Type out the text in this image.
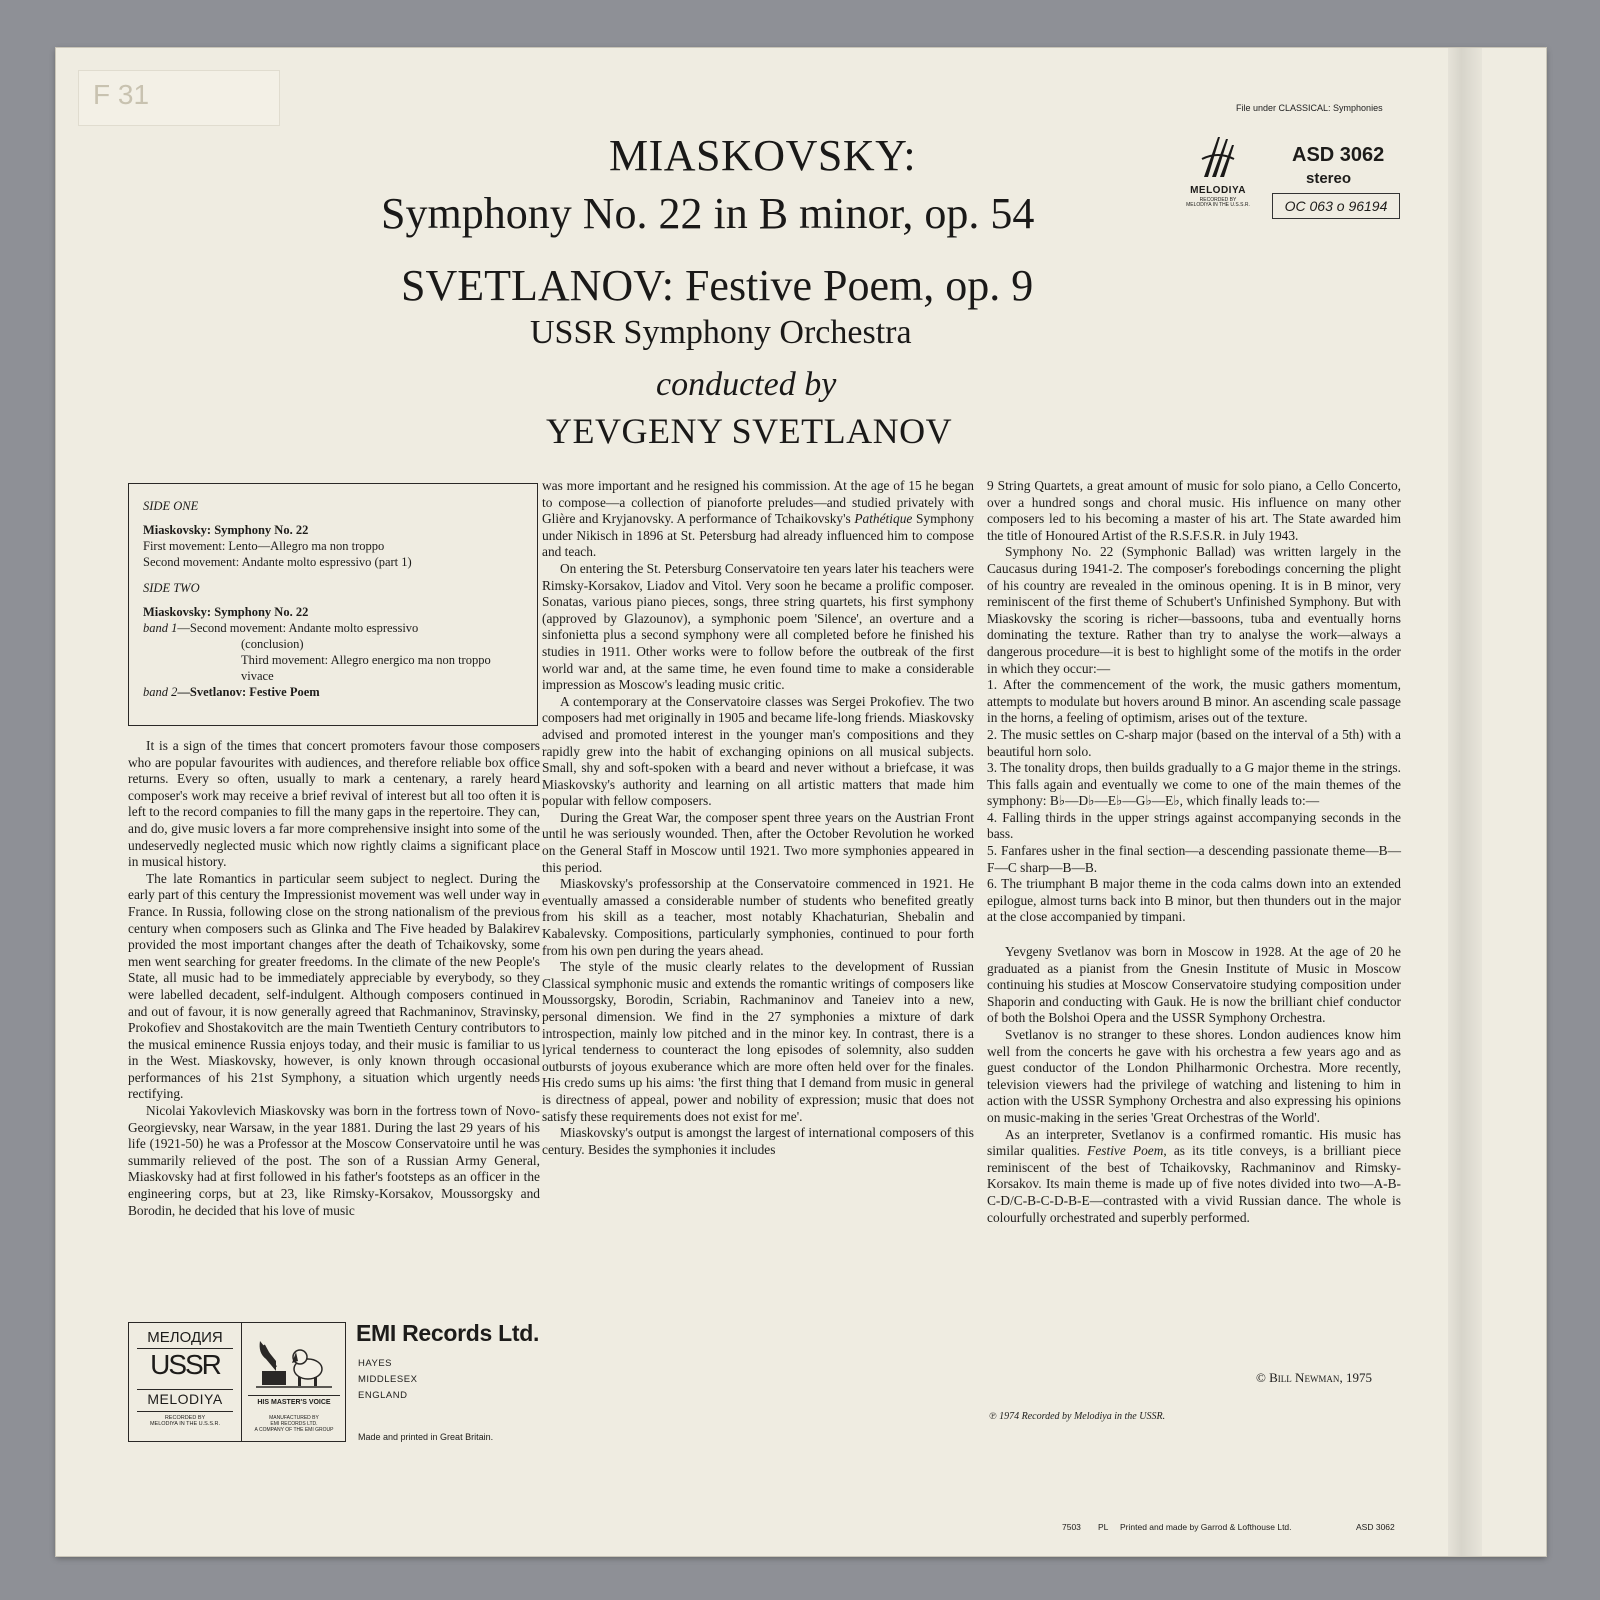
F 31	File under CLASSICAL: Symphonies
MIASKOVSKY:
Symphony No. 22 in B minor, op. 54
SVETLANOV: Festive Poem, op. 9
USSR Symphony Orchestra
conducted by
YEVGENY SVETLANOV
MELODIYA
RECORDED BY
MELODIYA IN THE U.S.S.R.
ASD 3062
stereo
OC 063 o 96194
SIDE ONE
Miaskovsky: Symphony No. 22
First movement: Lento—Allegro ma non troppo
Second movement: Andante molto espressivo (part 1)
SIDE TWO
Miaskovsky: Symphony No. 22
band 1—Second movement: Andante molto espressivo
(conclusion)
Third movement: Allegro energico ma non troppo
vivace
band 2—Svetlanov: Festive Poem

It is a sign of the times that concert promoters favour those composers who are popular favourites with audiences, and therefore reliable box office returns. Every so often, usually to mark a centenary, a rarely heard composer's work may receive a brief revival of interest but all too often it is left to the record companies to fill the many gaps in the repertoire. They can, and do, give music lovers a far more comprehensive insight into some of the undeservedly neglected music which now rightly claims a significant place in musical history.

The late Romantics in particular seem subject to neglect. During the early part of this century the Impressionist movement was well under way in France. In Russia, following close on the strong nationalism of the previous century when composers such as Glinka and The Five headed by Balakirev provided the most important changes after the death of Tchaikovsky, some men went searching for greater freedoms. In the climate of the new People's State, all music had to be immediately appreciable by everybody, so they were labelled decadent, self-indulgent. Although composers continued in and out of favour, it is now generally agreed that Rachmaninov, Stravinsky, Prokofiev and Shostakovitch are the main Twentieth Century contributors to the musical eminence Russia enjoys today, and their music is familiar to us in the West. Miaskovsky, however, is only known through occasional performances of his 21st Symphony, a situation which urgently needs rectifying.

Nicolai Yakovlevich Miaskovsky was born in the fortress town of Novo-Georgievsky, near Warsaw, in the year 1881. During the last 29 years of his life (1921-50) he was a Professor at the Moscow Conservatoire until he was summarily relieved of the post. The son of a Russian Army General, Miaskovsky had at first followed in his father's footsteps as an officer in the engineering corps, but at 23, like Rimsky-Korsakov, Moussorgsky and Borodin, he decided that his love of music

was more important and he resigned his commission. At the age of 15 he began to compose—a collection of pianoforte preludes—and studied privately with Glière and Kryjanovsky. A performance of Tchaikovsky's Pathétique Symphony under Nikisch in 1896 at St. Petersburg had already influenced him to compose and teach.

On entering the St. Petersburg Conservatoire ten years later his teachers were Rimsky-Korsakov, Liadov and Vitol. Very soon he became a prolific composer. Sonatas, various piano pieces, songs, three string quartets, his first symphony (approved by Glazounov), a symphonic poem 'Silence', an overture and a sinfonietta plus a second symphony were all completed before he finished his studies in 1911. Other works were to follow before the outbreak of the first world war and, at the same time, he even found time to make a considerable impression as Moscow's leading music critic.

A contemporary at the Conservatoire classes was Sergei Prokofiev. The two composers had met originally in 1905 and became life-long friends. Miaskovsky advised and promoted interest in the younger man's compositions and they rapidly grew into the habit of exchanging opinions on all musical subjects. Small, shy and soft-spoken with a beard and never without a briefcase, it was Miaskovsky's authority and learning on all artistic matters that made him popular with fellow composers.

During the Great War, the composer spent three years on the Austrian Front until he was seriously wounded. Then, after the October Revolution he worked on the General Staff in Moscow until 1921. Two more symphonies appeared in this period.

Miaskovsky's professorship at the Conservatoire commenced in 1921. He eventually amassed a considerable number of students who benefited greatly from his skill as a teacher, most notably Khachaturian, Shebalin and Kabalevsky. Compositions, particularly symphonies, continued to pour forth from his own pen during the years ahead.

The style of the music clearly relates to the development of Russian Classical symphonic music and extends the romantic writings of composers like Moussorgsky, Borodin, Scriabin, Rachmaninov and Taneiev into a new, personal dimension. We find in the 27 symphonies a mixture of dark introspection, mainly low pitched and in the minor key. In contrast, there is a lyrical tenderness to counteract the long episodes of solemnity, also sudden outbursts of joyous exuberance which are more often held over for the finales. His credo sums up his aims: 'the first thing that I demand from music in general is directness of appeal, power and nobility of expression; music that does not satisfy these requirements does not exist for me'.

Miaskovsky's output is amongst the largest of international composers of this century. Besides the symphonies it includes

9 String Quartets, a great amount of music for solo piano, a Cello Concerto, over a hundred songs and choral music. His influence on many other composers led to his becoming a master of his art. The State awarded him the title of Honoured Artist of the R.S.F.S.R. in July 1943.

Symphony No. 22 (Symphonic Ballad) was written largely in the Caucasus during 1941-2. The composer's forebodings concerning the plight of his country are revealed in the ominous opening. It is in B minor, very reminiscent of the first theme of Schubert's Unfinished Symphony. But with Miaskovsky the scoring is richer—bassoons, tuba and eventually horns dominating the texture. Rather than try to analyse the work—always a dangerous procedure—it is best to highlight some of the motifs in the order in which they occur:—

1. After the commencement of the work, the music gathers momentum, attempts to modulate but hovers around B minor. An ascending scale passage in the horns, a feeling of optimism, arises out of the texture.

2. The music settles on C-sharp major (based on the interval of a 5th) with a beautiful horn solo.

3. The tonality drops, then builds gradually to a G major theme in the strings. This falls again and eventually we come to one of the main themes of the symphony: B♭—D♭—E♭—G♭—E♭, which finally leads to:—

4. Falling thirds in the upper strings against accompanying seconds in the bass.

5. Fanfares usher in the final section—a descending passionate theme—B—F—C sharp—B—B.

6. The triumphant B major theme in the coda calms down into an extended epilogue, almost turns back into B minor, but then thunders out in the major at the close accompanied by timpani.

Yevgeny Svetlanov was born in Moscow in 1928. At the age of 20 he graduated as a pianist from the Gnesin Institute of Music in Moscow continuing his studies at Moscow Conservatoire studying composition under Shaporin and conducting with Gauk. He is now the brilliant chief conductor of both the Bolshoi Opera and the USSR Symphony Orchestra.

Svetlanov is no stranger to these shores. London audiences know him well from the concerts he gave with his orchestra a few years ago and as guest conductor of the London Philharmonic Orchestra. More recently, television viewers had the privilege of watching and listening to him in action with the USSR Symphony Orchestra and also expressing his opinions on music-making in the series 'Great Orchestras of the World'.

As an interpreter, Svetlanov is a confirmed romantic. His music has similar qualities. Festive Poem, as its title conveys, is a brilliant piece reminiscent of the best of Tchaikovsky, Rachmaninov and Rimsky-Korsakov. Its main theme is made up of five notes divided into two—A-B-C-D/C-B-C-D-B-E—contrasted with a vivid Russian dance. The whole is colourfully orchestrated and superbly performed.

© Bill Newman, 1975
℗ 1974 Recorded by Melodiya in the USSR.
МЕЛОДИЯ
USSR
MELODIYA
RECORDED BY
MELODIYA IN THE U.S.S.R.
HIS MASTER'S VOICE
MANUFACTURED BY
EMI RECORDS LTD.
A COMPANY OF THE EMI GROUP
EMI Records Ltd.
HAYES
MIDDLESEX
ENGLAND
Made and printed in Great Britain.
7503 PL Printed and made by Garrod & Lofthouse Ltd.	ASD 3062
